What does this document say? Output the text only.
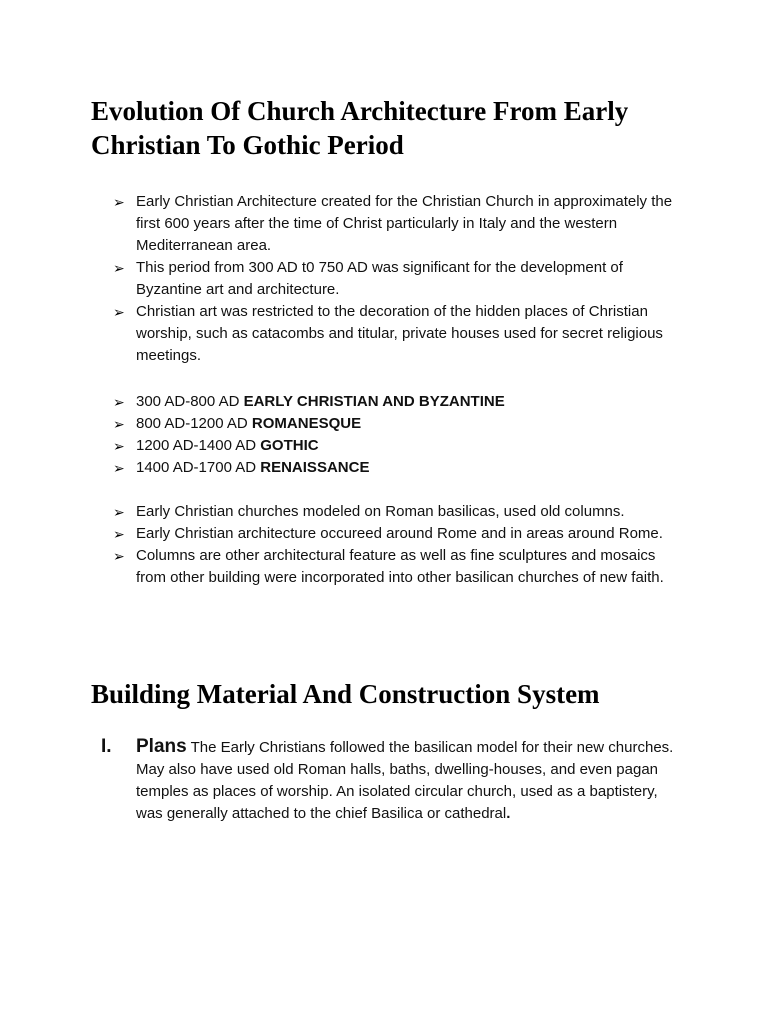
Evolution Of Church Architecture From Early Christian To Gothic Period
➢ Early Christian Architecture created for the Christian Church in approximately the first 600 years after the time of Christ particularly in Italy and the western Mediterranean area.
➢ This period from 300 AD t0 750 AD was significant for the development of Byzantine art and architecture.
➢ Christian art was restricted to the decoration of the hidden places of Christian worship, such as catacombs and titular, private houses used for secret religious meetings.
➢ 300 AD-800 AD EARLY CHRISTIAN AND BYZANTINE
➢ 800 AD-1200 AD ROMANESQUE
➢ 1200 AD-1400 AD GOTHIC
➢ 1400 AD-1700 AD RENAISSANCE
➢ Early Christian churches modeled on Roman basilicas, used old columns.
➢ Early Christian architecture occureed around Rome and in areas around Rome.
➢ Columns are other architectural feature as well as fine sculptures and mosaics from other building were incorporated into other basilican churches of new faith.
Building Material And Construction System
I. Plans The Early Christians followed the basilican model for their new churches. May also have used old Roman halls, baths, dwelling-houses, and even pagan temples as places of worship. An isolated circular church, used as a baptistery, was generally attached to the chief Basilica or cathedral.
